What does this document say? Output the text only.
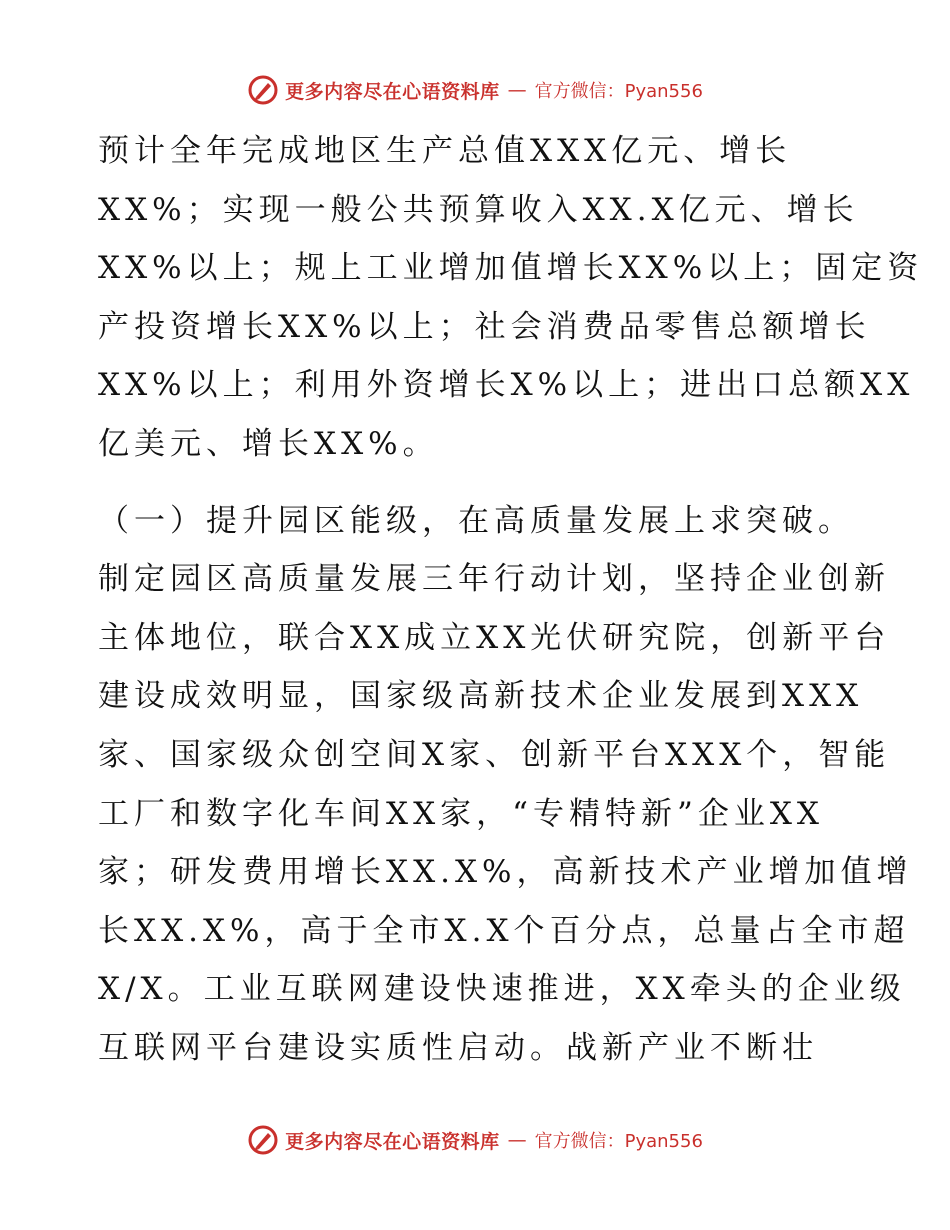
更多内容尽在心语资料库 — 官方微信：Pyan556

预计全年完成地区生产总值XXX亿元、增长
XX%；实现一般公共预算收入XX.X亿元、增长
XX%以上；规上工业增加值增长XX%以上；固定资
产投资增长XX%以上；社会消费品零售总额增长
XX%以上；利用外资增长X%以上；进出口总额XX
亿美元、增长XX%。

（一）提升园区能级，在高质量发展上求突破。
制定园区高质量发展三年行动计划，坚持企业创新
主体地位，联合XX成立XX光伏研究院，创新平台
建设成效明显，国家级高新技术企业发展到XXX
家、国家级众创空间X家、创新平台XXX个，智能
工厂和数字化车间XX家，“专精特新”企业XX
家；研发费用增长XX.X%，高新技术产业增加值增
长XX.X%，高于全市X.X个百分点，总量占全市超
X/X。工业互联网建设快速推进，XX牵头的企业级
互联网平台建设实质性启动。战新产业不断壮

更多内容尽在心语资料库 — 官方微信：Pyan556
